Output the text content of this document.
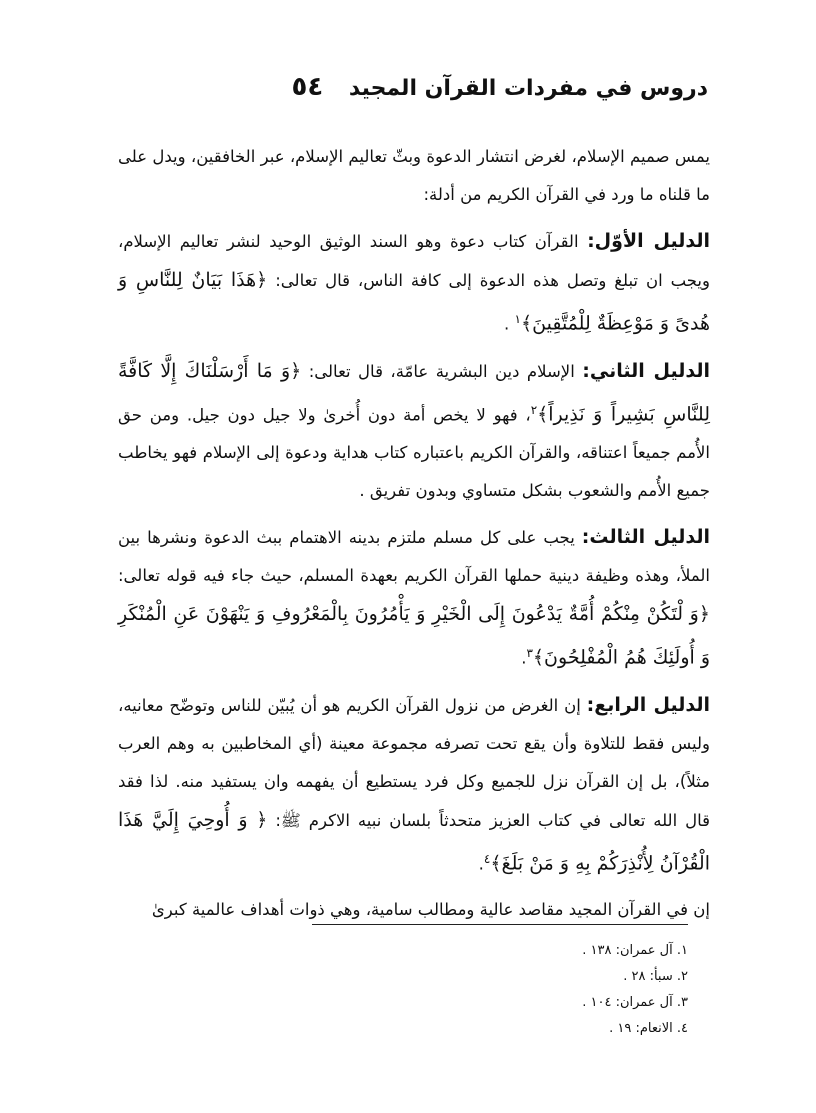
دروس في مفردات القرآن المجيد ٥٤

يمس صميم الإسلام، لغرض انتشار الدعوة وبثّ تعاليم الإسلام، عبر الخافقين، ويدل على ما قلناه ما ورد في القرآن الكريم من أدلة:

الدليل الأوّل: القرآن كتاب دعوة وهو السند الوثيق الوحيد لنشر تعاليم الإسلام، ويجب ان تبلغ وتصل هذه الدعوة إلى كافة الناس، قال تعالى: ﴿هَذَا بَيَانٌ لِلنَّاسِ وَ هُدىً وَ مَوْعِظَةٌ لِلْمُتَّقِينَ﴾$^١$ .

الدليل الثاني: الإسلام دين البشرية عامّة، قال تعالى: ﴿وَ مَا أَرْسَلْنَاكَ إِلَّا كَافَّةً لِلنَّاسِ بَشِيراً وَ نَذِيراً﴾$^٢$، فهو لا يخص أمة دون أُخرىٰ ولا جيل دون جيل. ومن حق الأُمم جميعاً اعتناقه، والقرآن الكريم باعتباره كتاب هداية ودعوة إلى الإسلام فهو يخاطب جميع الأُمم والشعوب بشكل متساوي وبدون تفريق .

الدليل الثالث: يجب على كل مسلم ملتزم بدينه الاهتمام ببث الدعوة ونشرها بين الملأ، وهذه وظيفة دينية حملها القرآن الكريم بعهدة المسلم، حيث جاء فيه قوله تعالى: ﴿وَ لْتَكُنْ مِنْكُمْ أُمَّةٌ يَدْعُونَ إِلَى الْخَيْرِ وَ يَأْمُرُونَ بِالْمَعْرُوفِ وَ يَنْهَوْنَ عَنِ الْمُنْكَرِ وَ أُولَئِكَ هُمُ الْمُفْلِحُونَ﴾$^٣$.

الدليل الرابع: إن الغرض من نزول القرآن الكريم هو أن يُبيّن للناس وتوضّح معانيه، وليس فقط للتلاوة وأن يقع تحت تصرفه مجموعة معينة (أي المخاطبين به وهم العرب مثلاً)، بل إن القرآن نزل للجميع وكل فرد يستطيع أن يفهمه وان يستفيد منه. لذا فقد قال الله تعالى في كتاب العزيز متحدثاً بلسان نبيه الاكرم ﷺ: ﴿ وَ أُوحِيَ إِلَيَّ هَذَا الْقُرْآنُ لِأُنْذِرَكُمْ بِهِ وَ مَنْ بَلَغَ﴾$^٤$.

إن في القرآن المجيد مقاصد عالية ومطالب سامية، وهي ذوات أهداف عالمية كبرىٰ

١. آل عمران: ١٣٨ .
٢. سبأ: ٢٨ .
٣. آل عمران: ١٠٤ .
٤. الانعام: ١٩ .
